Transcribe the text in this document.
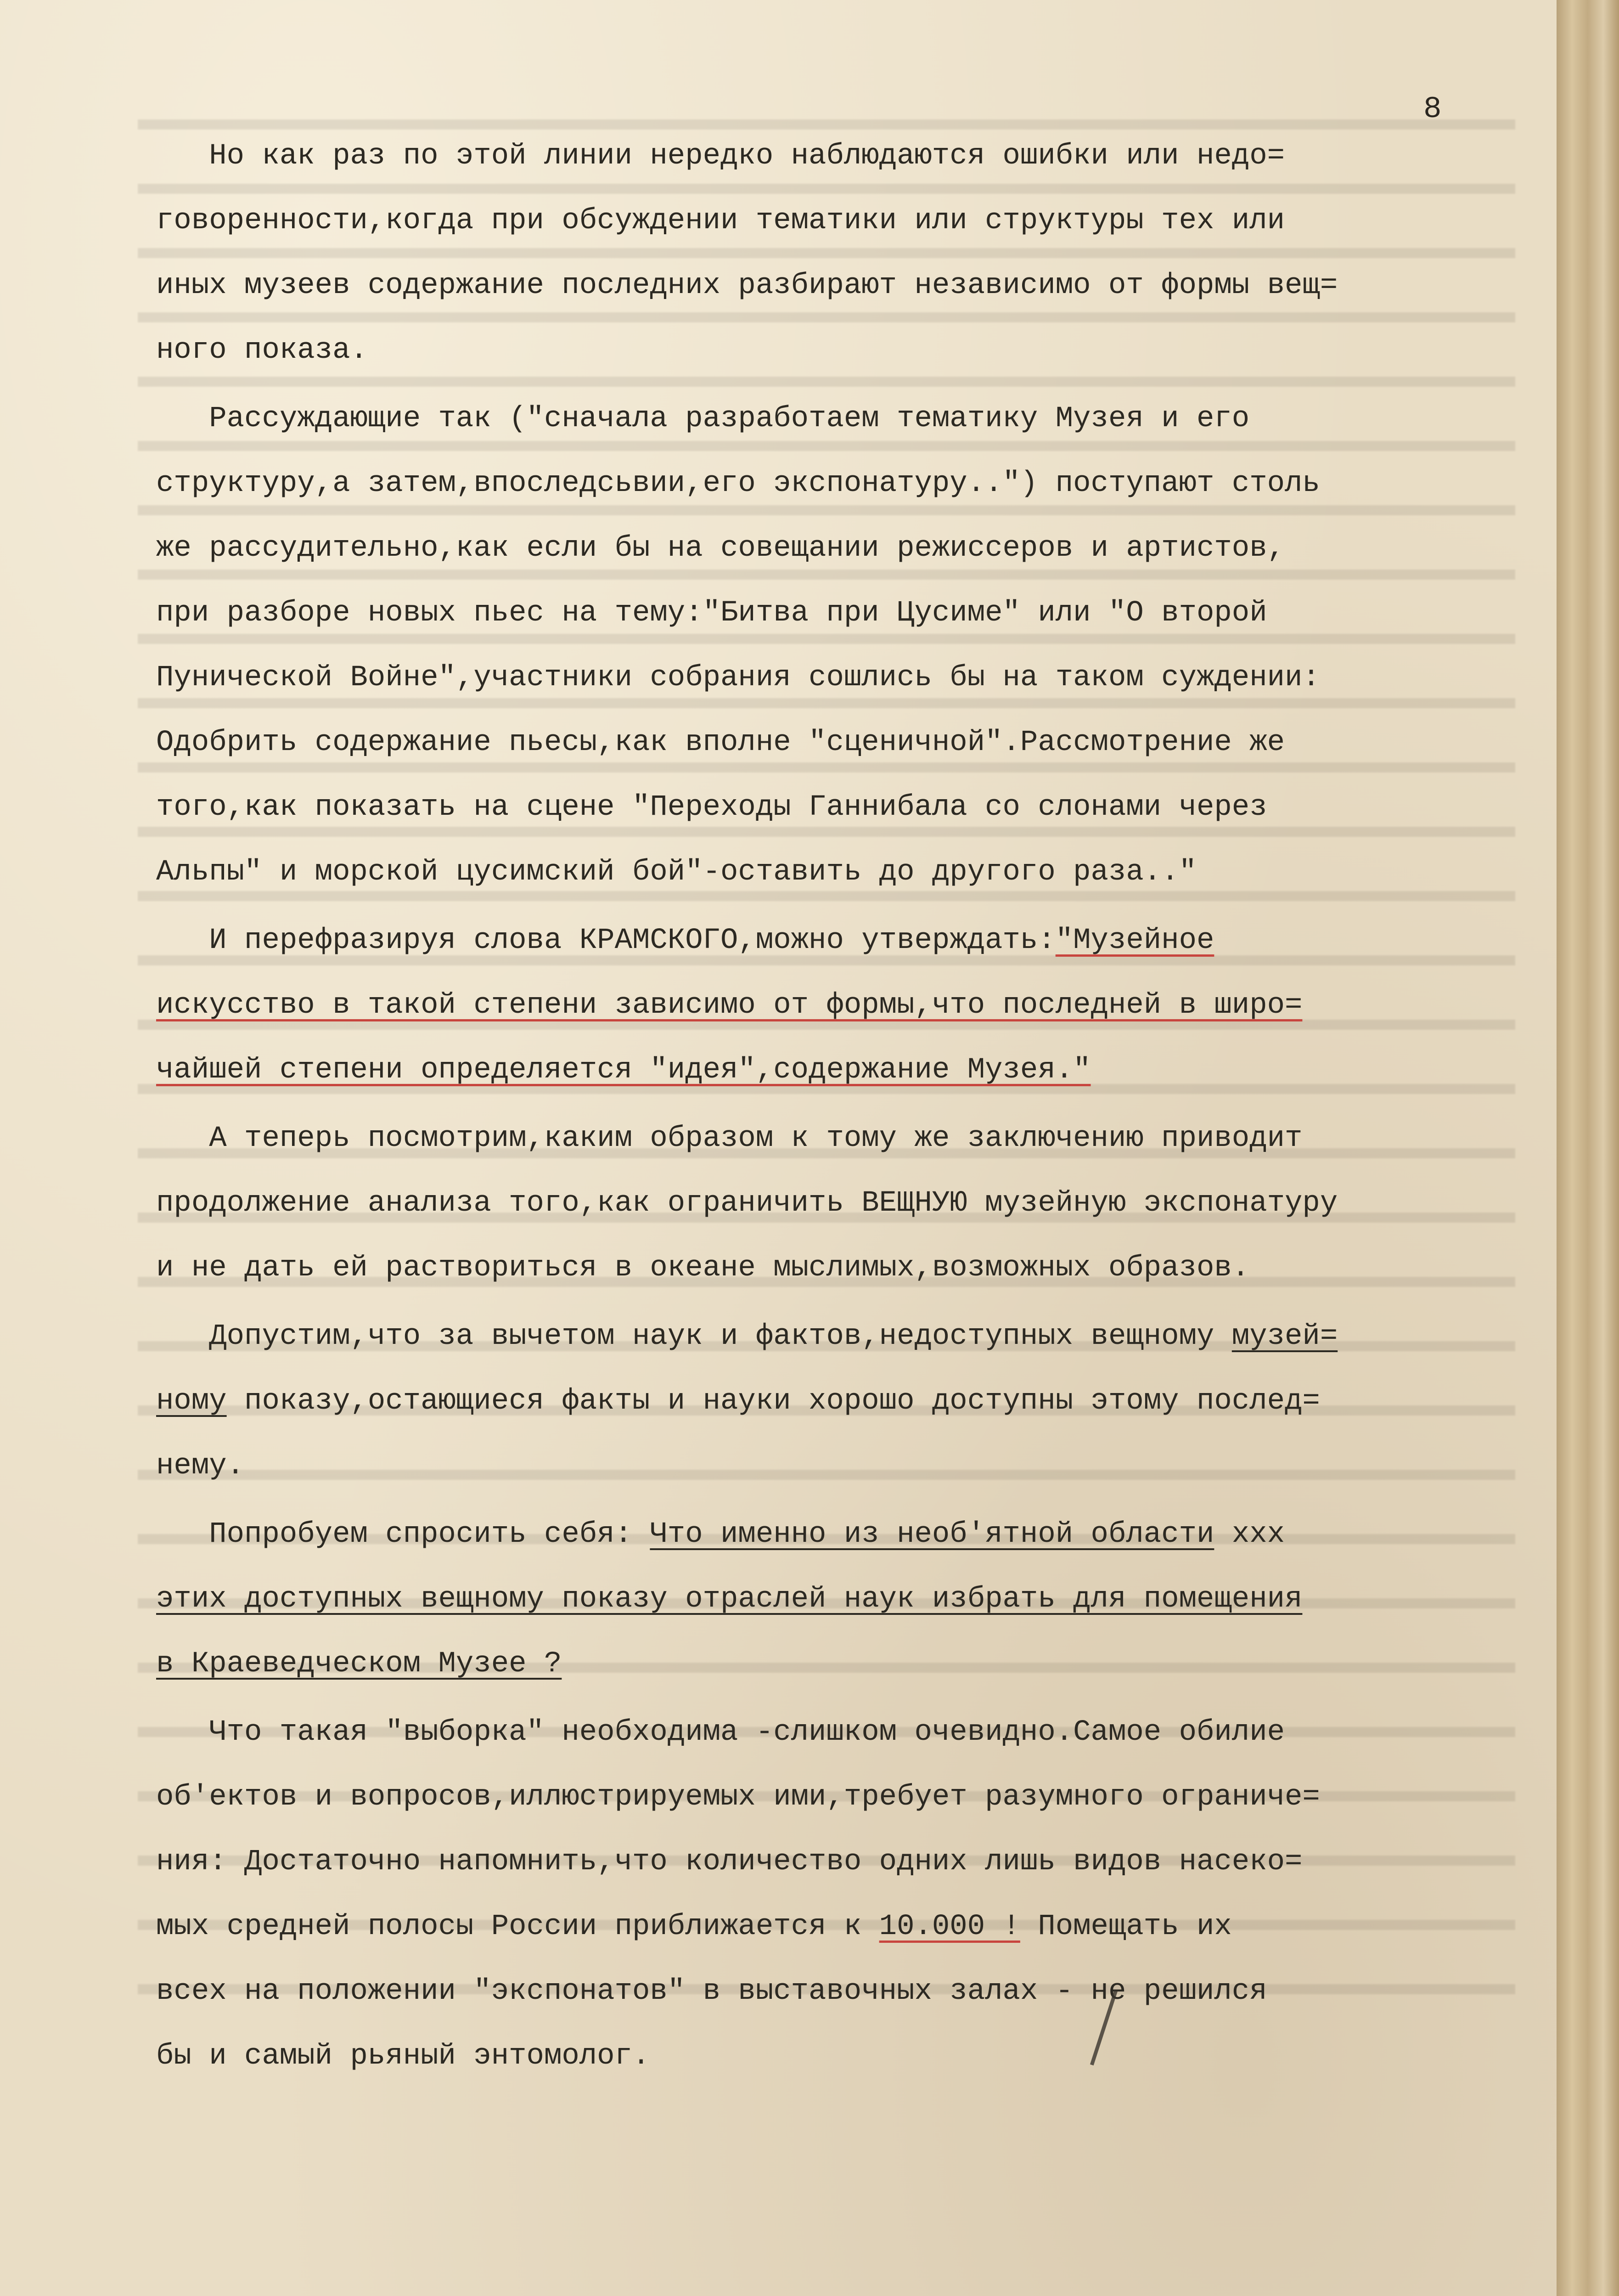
8
Но как раз по этой линии нередко наблюдаются ошибки или недо=
говоренности,когда при обсуждении тематики или структуры тех или
иных музеев содержание последних разбирают независимо от формы вещ=
ного показа.
Рассуждающие так ("сначала разработаем тематику Музея и его
структуру,а затем,впоследсьвии,его экспонатуру..") поступают столь
же рассудительно,как если бы на совещании режиссеров и артистов,
при разборе новых пьес на тему:"Битва при Цусиме" или "О второй
Пунической Войне",участники собрания сошлись бы на таком суждении:
Одобрить содержание пьесы,как вполне "сценичной".Рассмотрение же
того,как показать на сцене "Переходы Ганнибала со слонами через
Альпы" и морской цусимский бой"-оставить до другого раза.."
И перефразируя слова КРАМСКОГО,можно утверждать:"Музейное
искусство в такой степени зависимо от формы,что последней в широ=
чайшей степени определяется "идея",содержание Музея."
А теперь посмотрим,каким образом к тому же заключению приводит
продолжение анализа того,как ограничить ВЕЩНУЮ музейную экспонатуру
и не дать ей раствориться в океане мыслимых,возможных образов.
Допустим,что за вычетом наук и фактов,недоступных вещному музей=
ному показу,остающиеся факты и науки хорошо доступны этому послед=
нему.
Попробуем спросить себя: Что именно из необ'ятной области xxx
этих доступных вещному показу отраслей наук избрать для помещения
в Краеведческом Музее ?
Что такая "выборка" необходима -слишком очевидно.Самое обилие
об'ектов и вопросов,иллюстрируемых ими,требует разумного ограниче=
ния: Достаточно напомнить,что количество одних лишь видов насеко=
мых средней полосы России приближается к 10.000 ! Помещать их
всех на положении "экспонатов" в выставочных залах - не решился
бы и самый рьяный энтомолог.
